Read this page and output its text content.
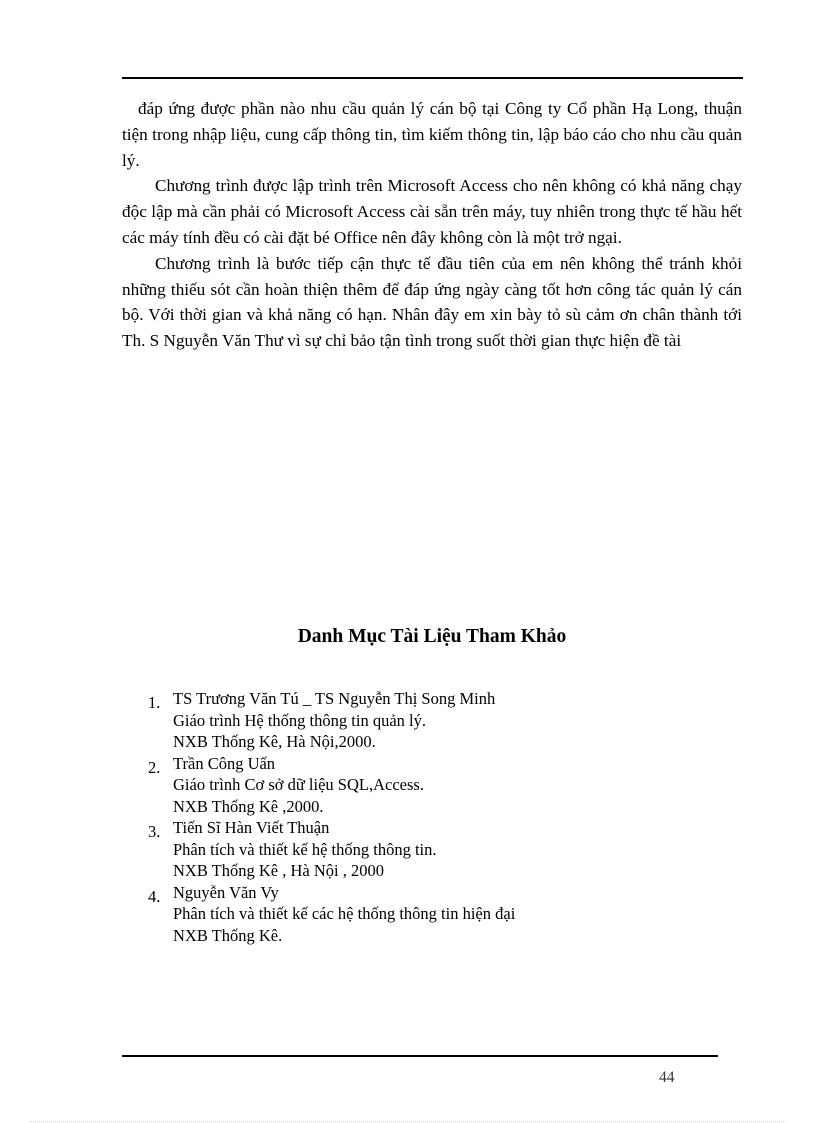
đáp ứng được phần nào nhu cầu quản lý cán bộ tại Công ty Cổ phần Hạ Long, thuận tiện trong nhập liệu, cung cấp thông tin, tìm kiếm thông tin, lập báo cáo cho nhu cầu quản lý.

Chương trình được lập trình trên Microsoft Access cho nên không có khả năng chạy độc lập mà cần phải có Microsoft Access cài sẵn trên máy, tuy nhiên trong thực tế hầu hết các máy tính đều có cài đặt bé Office nên đây không còn là một trở ngại.

Chương trình là bước tiếp cận thực tế đầu tiên của em nên không thể tránh khỏi những thiếu sót cần hoàn thiện thêm để đáp ứng ngày càng tốt hơn công tác quản lý cán bộ. Với thời gian và khả năng có hạn. Nhân đây em xin bày tỏ sù cảm ơn chân thành tới Th. S Nguyễn Văn Thư vì sự chỉ bảo tận tình trong suốt thời gian thực hiện đề tài

Danh Mục Tài Liệu Tham Khảo
1. TS Trương Văn Tú _ TS Nguyễn Thị Song Minh
Giáo trình Hệ thống thông tin quản lý.
NXB Thống Kê, Hà Nội,2000.
2. Trần Công Uẩn
Giáo trình Cơ sở dữ liệu SQL,Access.
NXB Thống Kê ,2000.
3. Tiến Sĩ Hàn Viết Thuận
Phân tích và thiết kế hệ thống thông tin.
NXB Thống Kê , Hà Nội , 2000
4. Nguyễn Văn Vy
Phân tích và thiết kế các hệ thống thông tin hiện đại
NXB Thống Kê.
44
